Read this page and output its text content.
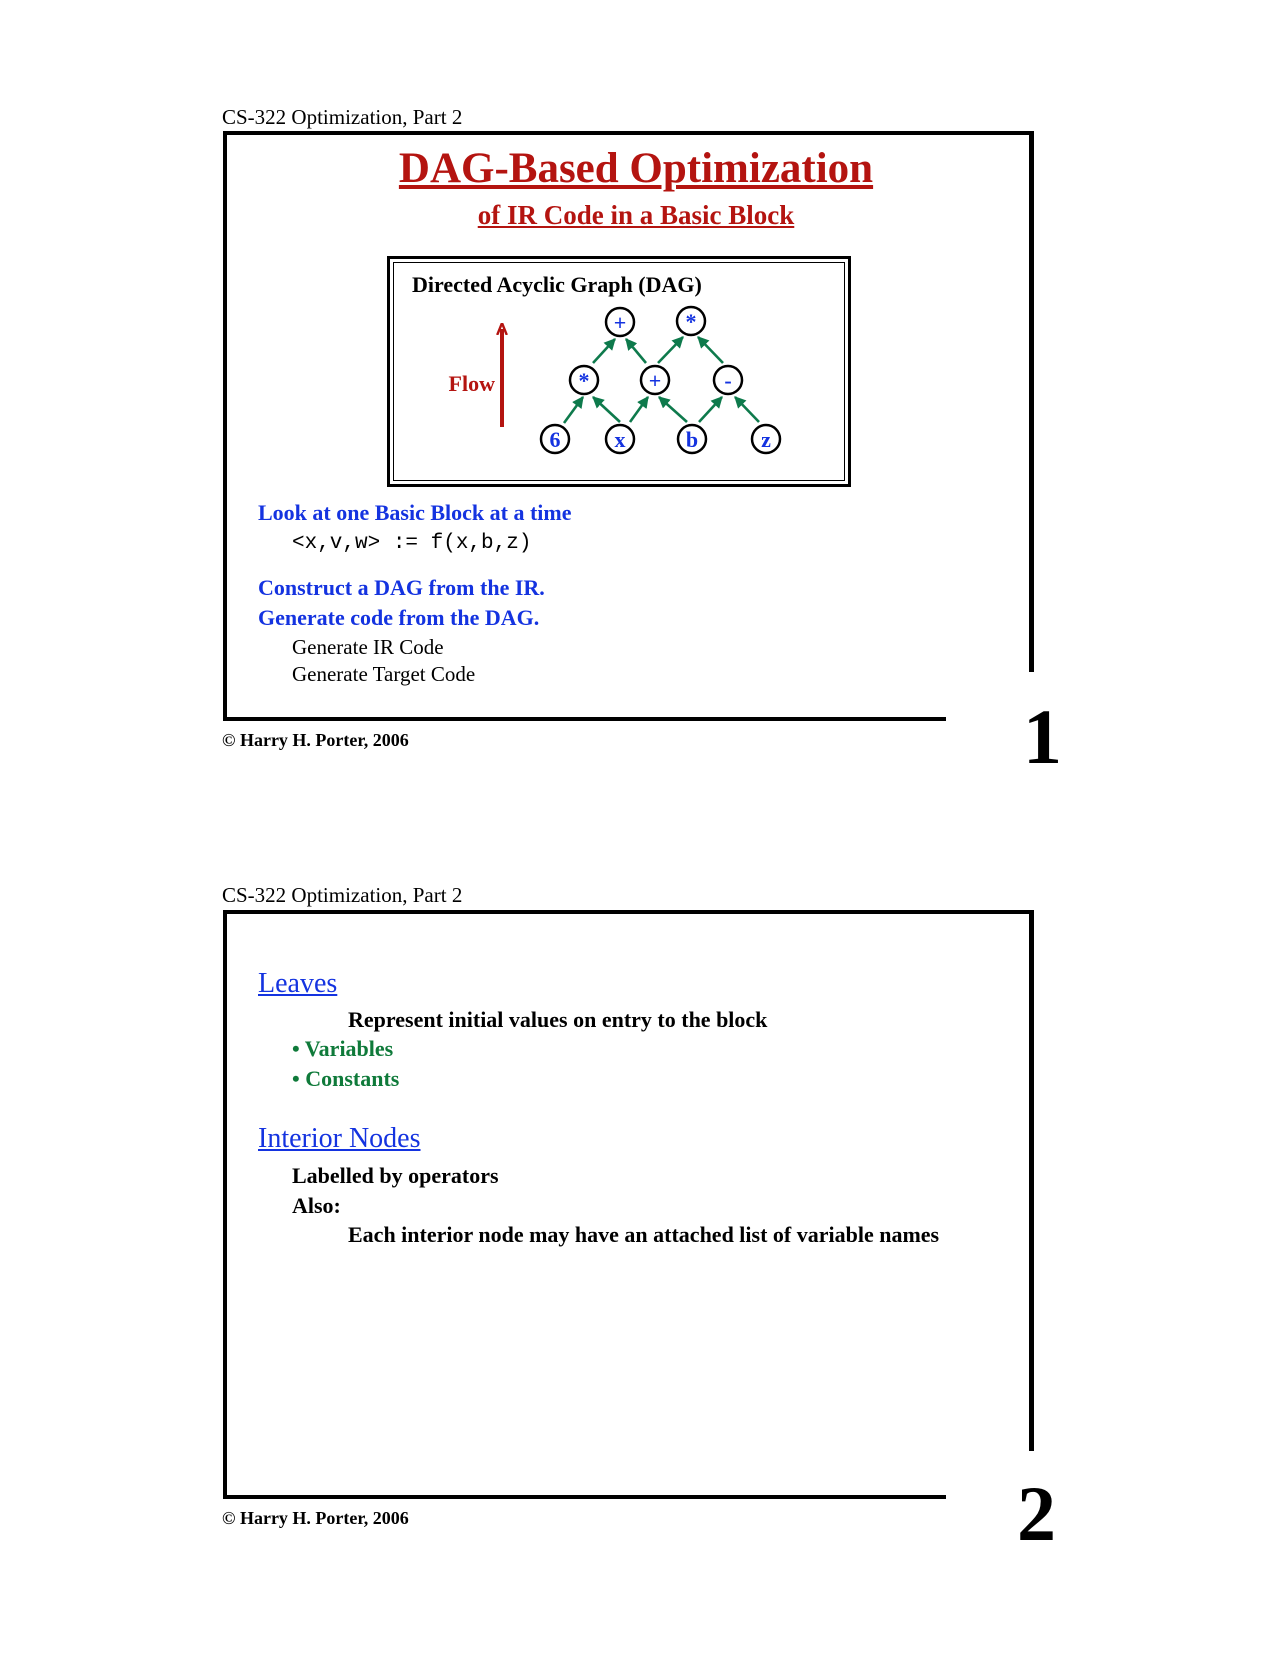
CS-322 Optimization, Part 2
DAG-Based Optimization
of IR Code in a Basic Block
Directed Acyclic Graph (DAG)
Flow
+	*
*	+	-
6 x	b	z
Look at one Basic Block at a time
<x,v,w> := f(x,b,z)
Construct a DAG from the IR.
Generate code from the DAG.
Generate IR Code
Generate Target Code
© Harry H. Porter, 2006	1
CS-322 Optimization, Part 2
Leaves
Represent initial values on entry to the block
• Variables
• Constants
Interior Nodes
Labelled by operators
Also:
Each interior node may have an attached list of variable names
© Harry H. Porter, 2006	2
